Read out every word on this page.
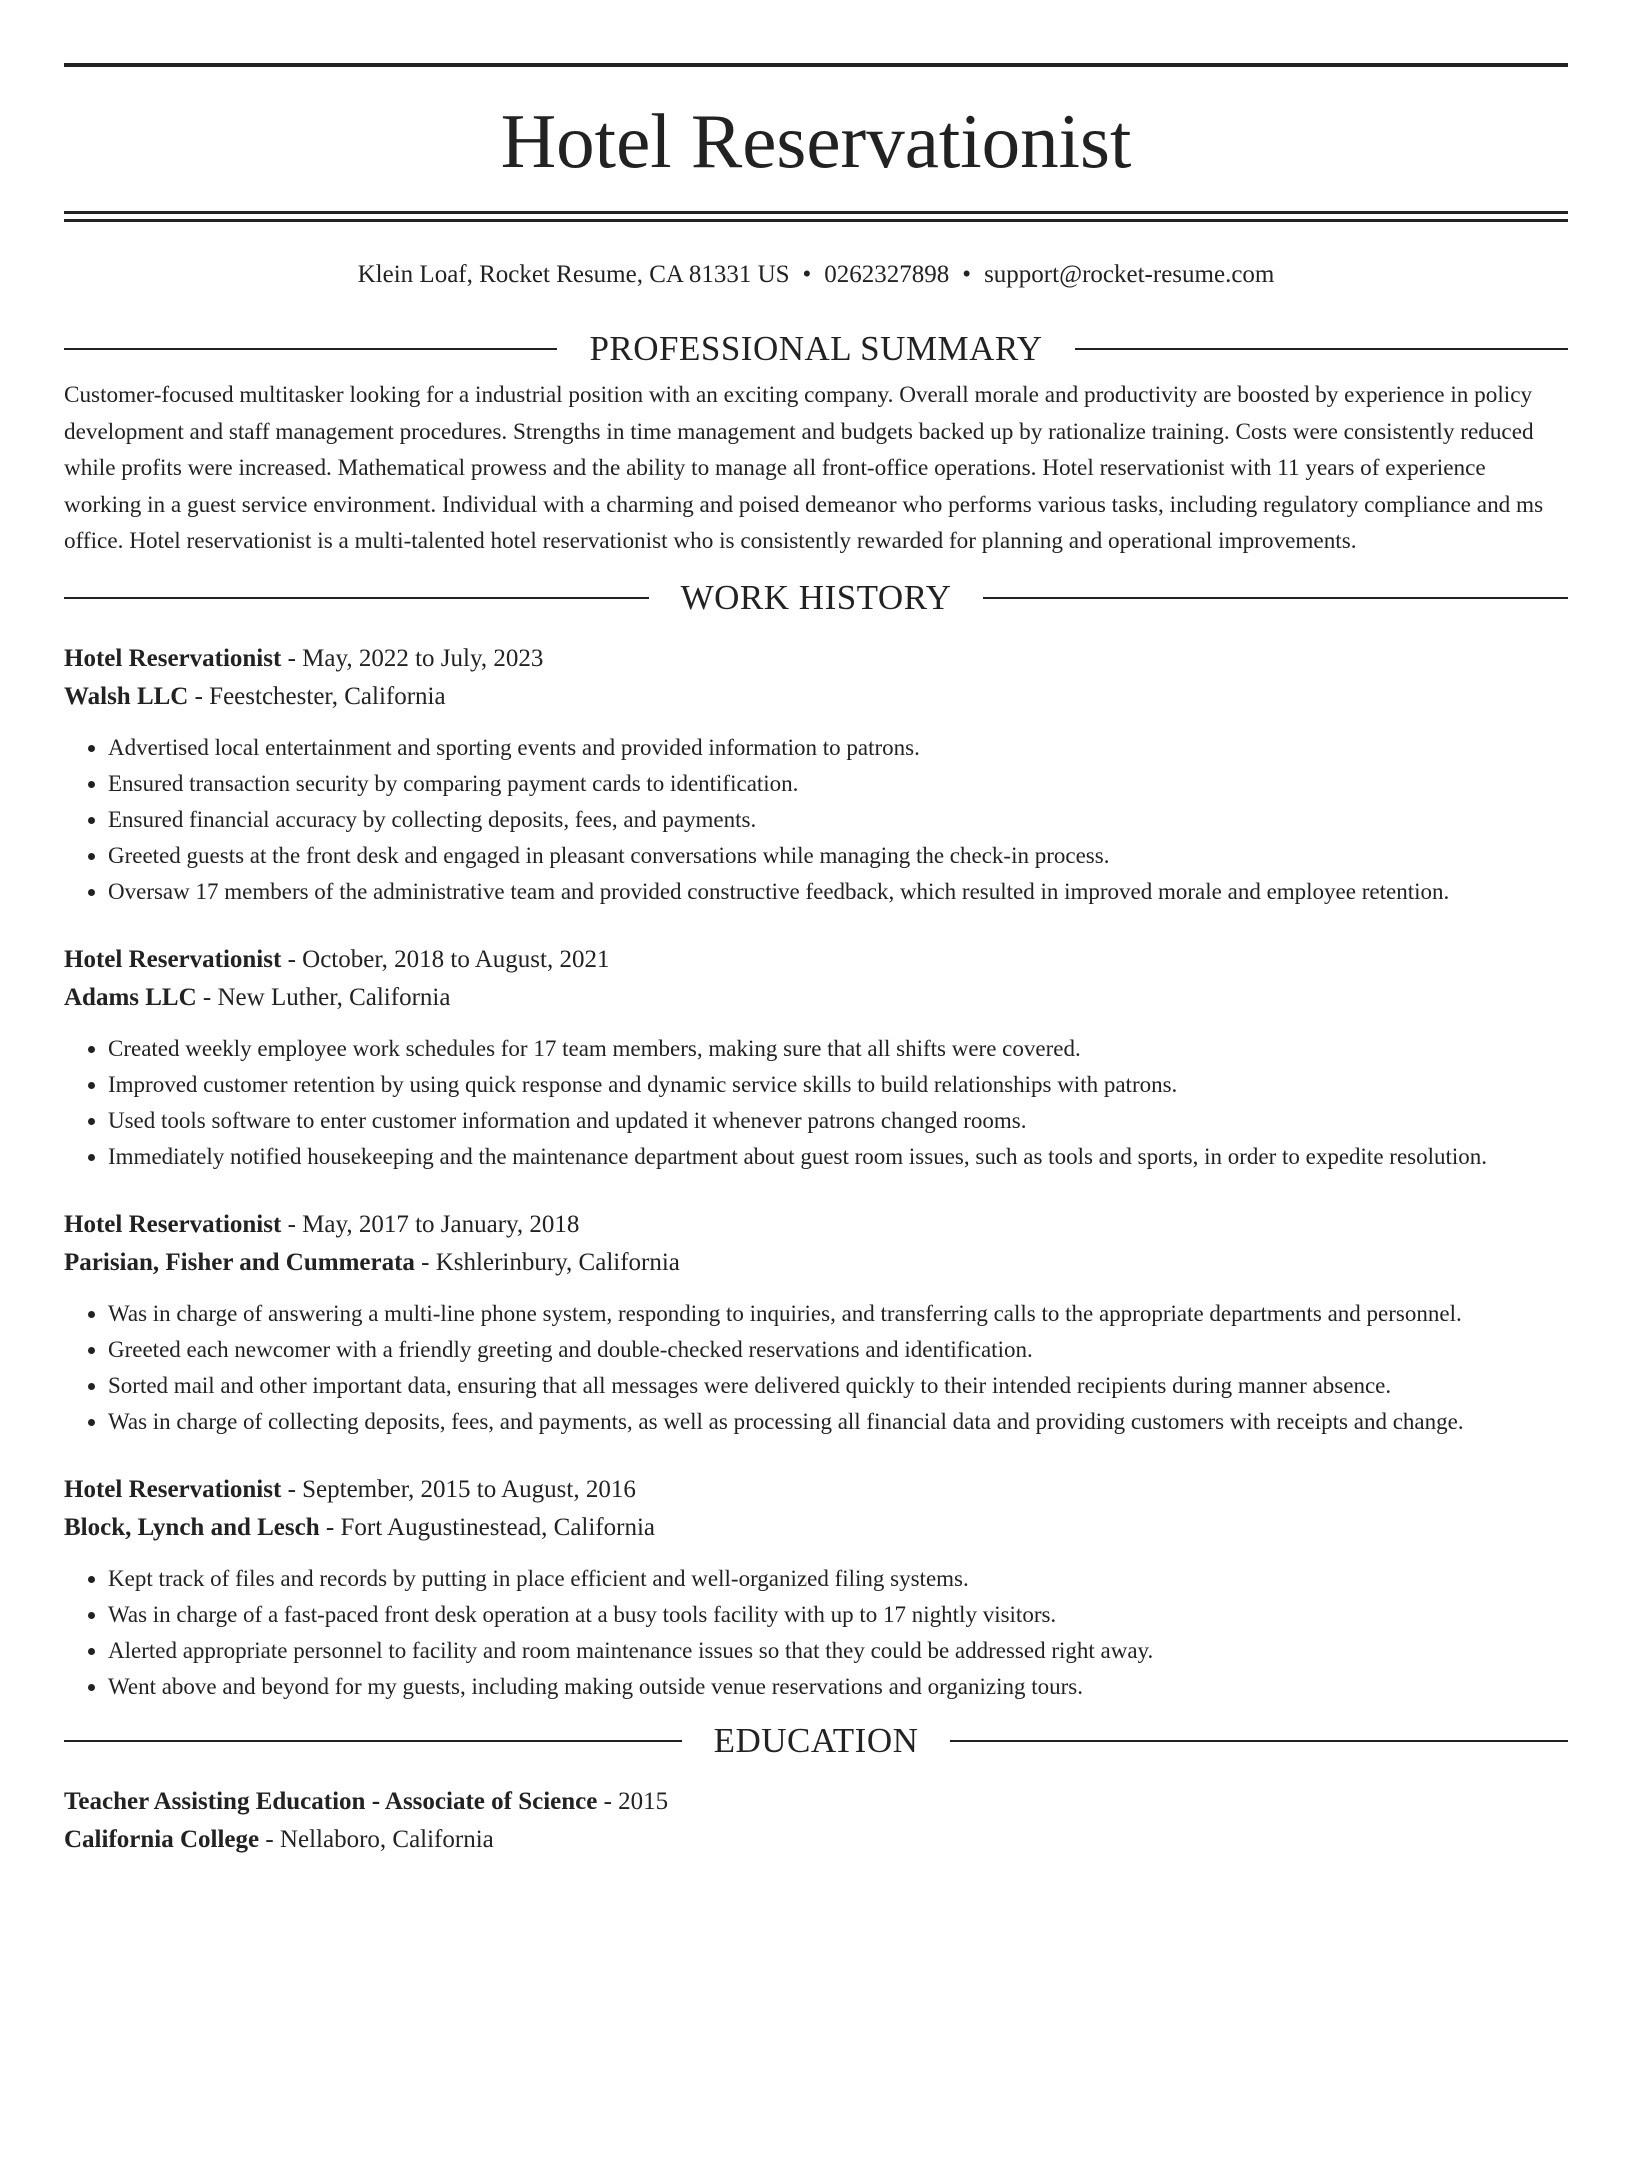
Hotel Reservationist
Klein Loaf, Rocket Resume, CA 81331 US • 0262327898 • support@rocket-resume.com
PROFESSIONAL SUMMARY
Customer-focused multitasker looking for a industrial position with an exciting company. Overall morale and productivity are boosted by experience in policy development and staff management procedures. Strengths in time management and budgets backed up by rationalize training. Costs were consistently reduced while profits were increased. Mathematical prowess and the ability to manage all front-office operations. Hotel reservationist with 11 years of experience working in a guest service environment. Individual with a charming and poised demeanor who performs various tasks, including regulatory compliance and ms office. Hotel reservationist is a multi-talented hotel reservationist who is consistently rewarded for planning and operational improvements.
WORK HISTORY
Hotel Reservationist - May, 2022 to July, 2023
Walsh LLC - Feestchester, California
• Advertised local entertainment and sporting events and provided information to patrons.
• Ensured transaction security by comparing payment cards to identification.
• Ensured financial accuracy by collecting deposits, fees, and payments.
• Greeted guests at the front desk and engaged in pleasant conversations while managing the check-in process.
• Oversaw 17 members of the administrative team and provided constructive feedback, which resulted in improved morale and employee retention.
Hotel Reservationist - October, 2018 to August, 2021
Adams LLC - New Luther, California
• Created weekly employee work schedules for 17 team members, making sure that all shifts were covered.
• Improved customer retention by using quick response and dynamic service skills to build relationships with patrons.
• Used tools software to enter customer information and updated it whenever patrons changed rooms.
• Immediately notified housekeeping and the maintenance department about guest room issues, such as tools and sports, in order to expedite resolution.
Hotel Reservationist - May, 2017 to January, 2018
Parisian, Fisher and Cummerata - Kshlerinbury, California
• Was in charge of answering a multi-line phone system, responding to inquiries, and transferring calls to the appropriate departments and personnel.
• Greeted each newcomer with a friendly greeting and double-checked reservations and identification.
• Sorted mail and other important data, ensuring that all messages were delivered quickly to their intended recipients during manner absence.
• Was in charge of collecting deposits, fees, and payments, as well as processing all financial data and providing customers with receipts and change.
Hotel Reservationist - September, 2015 to August, 2016
Block, Lynch and Lesch - Fort Augustinestead, California
• Kept track of files and records by putting in place efficient and well-organized filing systems.
• Was in charge of a fast-paced front desk operation at a busy tools facility with up to 17 nightly visitors.
• Alerted appropriate personnel to facility and room maintenance issues so that they could be addressed right away.
• Went above and beyond for my guests, including making outside venue reservations and organizing tours.
EDUCATION
Teacher Assisting Education - Associate of Science - 2015
California College - Nellaboro, California
